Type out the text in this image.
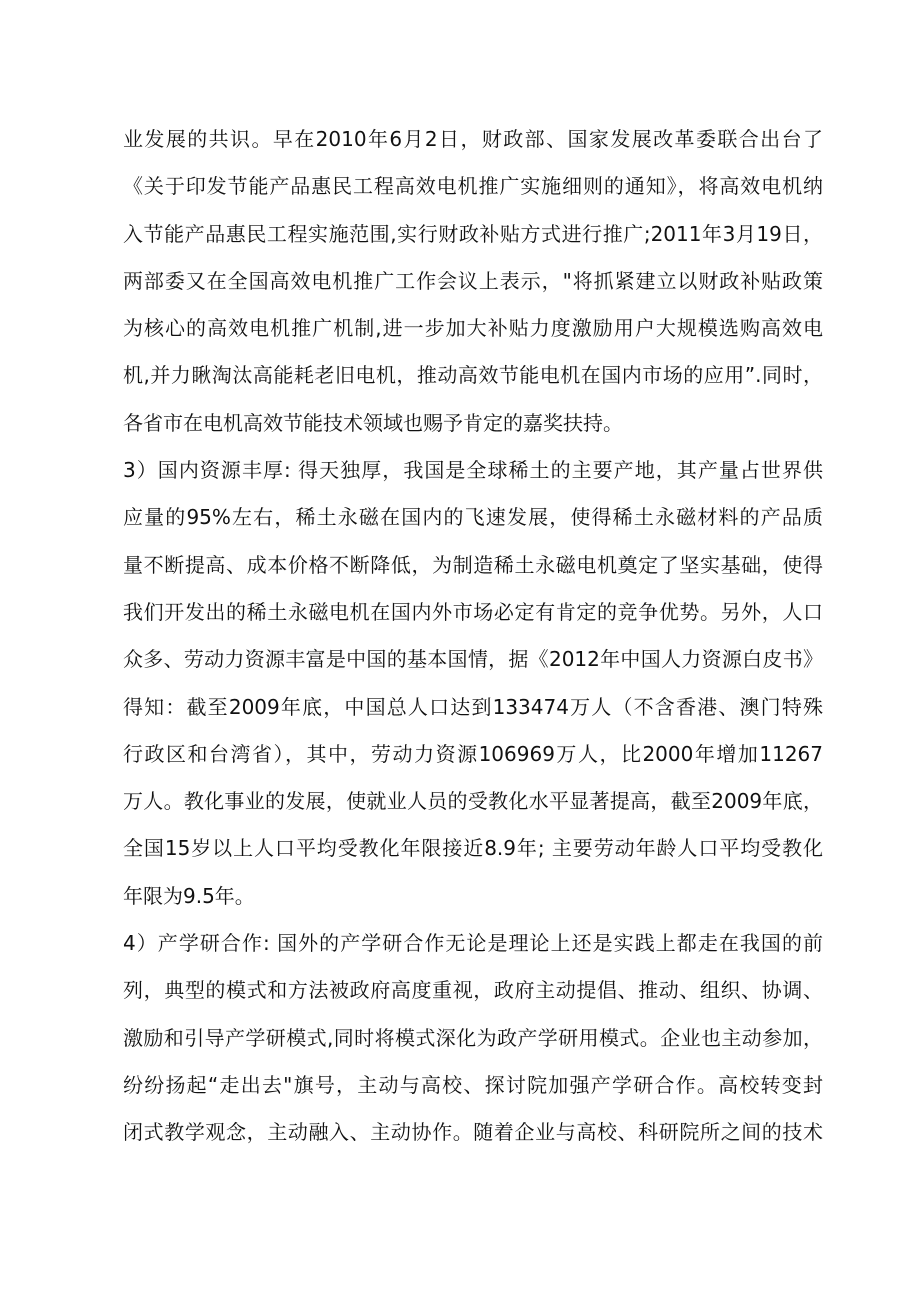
业发展的共识。早在2010年6月2日，财政部、国家发展改革委联合出台了
《关于印发节能产品惠民工程高效电机推广实施细则的通知》，将高效电机纳
入节能产品惠民工程实施范围,实行财政补贴方式进行推广;2011年3月19日，
两部委又在全国高效电机推广工作会议上表示，"将抓紧建立以财政补贴政策
为核心的高效电机推广机制,进一步加大补贴力度激励用户大规模选购高效电
机,并力瞅淘汰高能耗老旧电机，推动高效节能电机在国内市场的应用”.同时，
各省市在电机高效节能技术领域也赐予肯定的嘉奖扶持。
3）国内资源丰厚: 得天独厚，我国是全球稀土的主要产地，其产量占世界供
应量的95%左右，稀土永磁在国内的飞速发展，使得稀土永磁材料的产品质
量不断提高、成本价格不断降低，为制造稀土永磁电机奠定了坚实基础，使得
我们开发出的稀土永磁电机在国内外市场必定有肯定的竞争优势。另外，人口
众多、劳动力资源丰富是中国的基本国情，据《2012年中国人力资源白皮书》
得知：截至2009年底，中国总人口达到133474万人（不含香港、澳门特殊
行政区和台湾省），其中，劳动力资源106969万人，比2000年增加11267
万人。教化事业的发展，使就业人员的受教化水平显著提高，截至2009年底，
全国15岁以上人口平均受教化年限接近8.9年; 主要劳动年龄人口平均受教化
年限为9.5年。
4）产学研合作: 国外的产学研合作无论是理论上还是实践上都走在我国的前
列，典型的模式和方法被政府高度重视，政府主动提倡、推动、组织、协调、
激励和引导产学研模式,同时将模式深化为政产学研用模式。企业也主动参加，
纷纷扬起“走出去"旗号，主动与高校、探讨院加强产学研合作。高校转变封
闭式教学观念，主动融入、主动协作。随着企业与高校、科研院所之间的技术
